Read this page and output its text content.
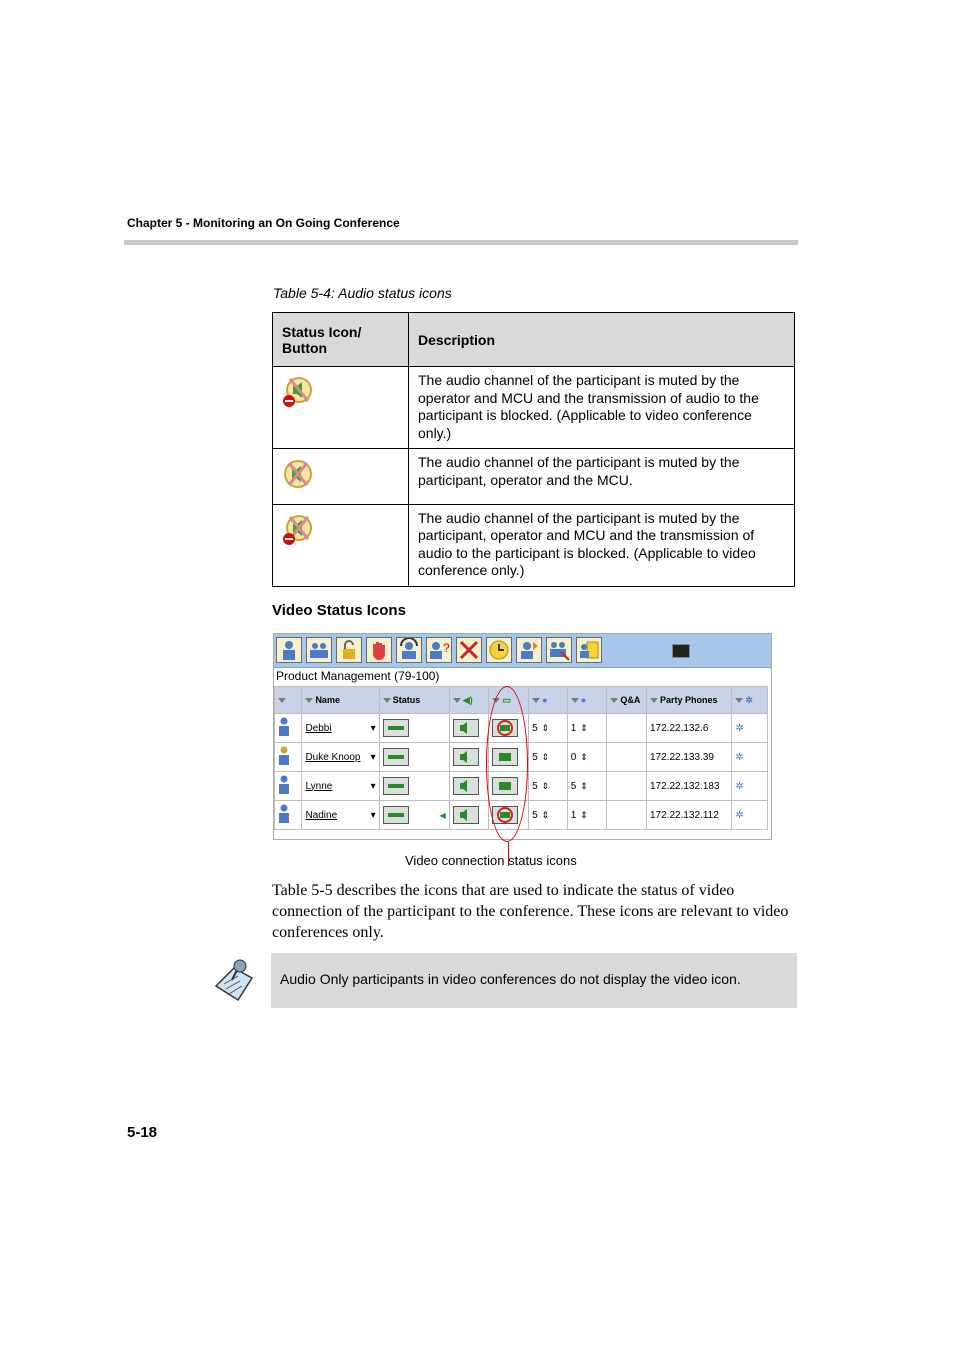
Chapter 5 - Monitoring an On Going Conference
Table 5-4: Audio status icons
Status Icon/ Button	Description
	The audio channel of the participant is muted by the operator and MCU and the transmission of audio to the participant is blocked. (Applicable to video conference only.)
	The audio channel of the participant is muted by the participant, operator and the MCU.
	The audio channel of the participant is muted by the participant, operator and MCU and the transmission of audio to the participant is blocked. (Applicable to video conference only.)
Video Status Icons
?
Product Management (79-100)
	Name	Status	◀)	▭	●	●	Q&A	Party Phones	✲
	Debbi ▾				5 ⇕	1 ⇕		172.22.132.6	✲
	Duke Knoop ▾				5 ⇕	0 ⇕		172.22.133.39	✲
	Lynne ▾				5 ⇕	5 ⇕		172.22.132.183	✲
	Nadine ▾	◀			5 ⇕	1 ⇕		172.22.132.112	✲
Video connection status icons
Table 5-5 describes the icons that are used to indicate the status of video connection of the participant to the conference. These icons are relevant to video conferences only.
Audio Only participants in video conferences do not display the video icon.
5-18
